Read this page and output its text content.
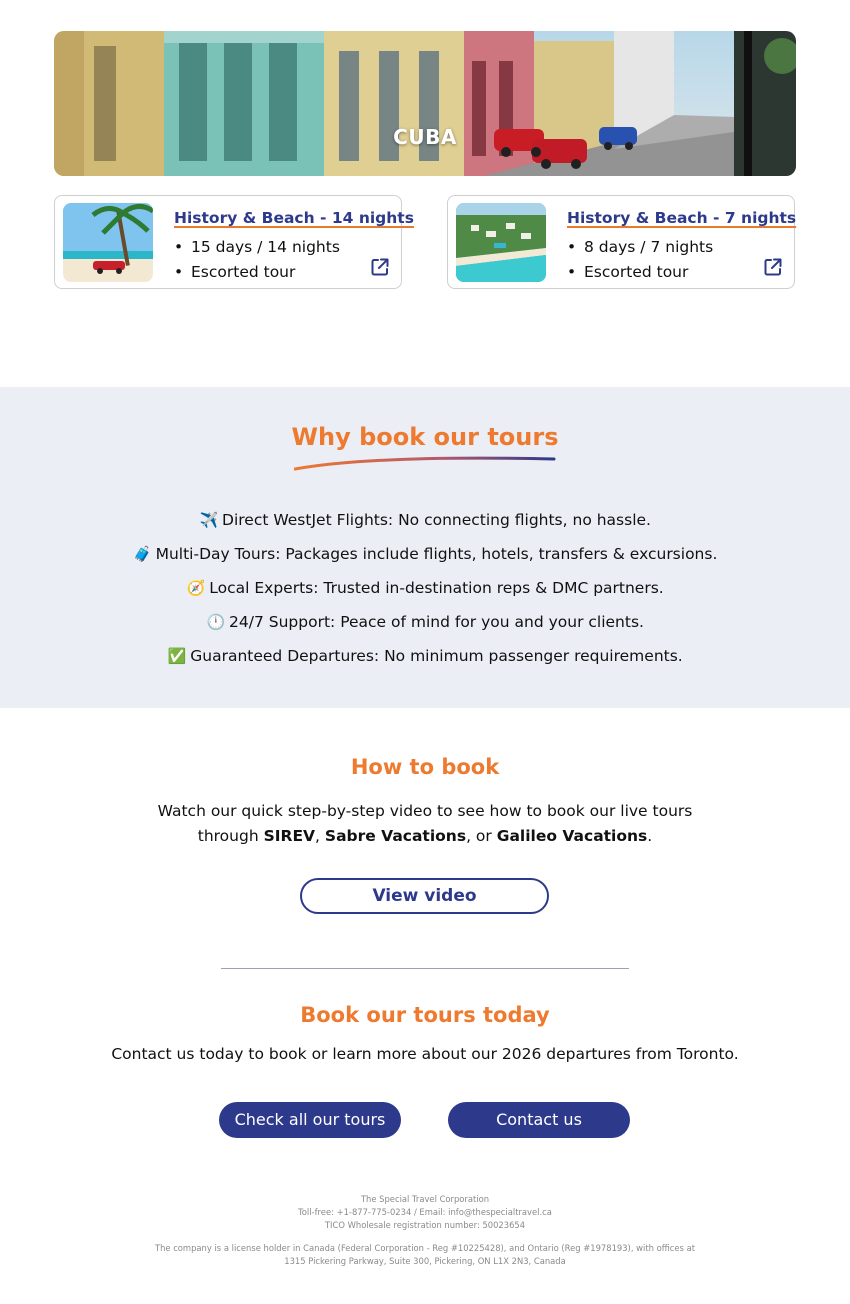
CUBA
History & Beach - 14 nights
• 15 days / 14 nights
• Escorted tour
History & Beach - 7 nights
• 8 days / 7 nights
• Escorted tour
Why book our tours
✈️ Direct WestJet Flights: No connecting flights, no hassle.
🧳 Multi-Day Tours: Packages include flights, hotels, transfers & excursions.
🧭 Local Experts: Trusted in-destination reps & DMC partners.
🕛 24/7 Support: Peace of mind for you and your clients.
✅ Guaranteed Departures: No minimum passenger requirements.
How to book
Watch our quick step-by-step video to see how to book our live tours
through SIREV, Sabre Vacations, or Galileo Vacations.
View video
Book our tours today
Contact us today to book or learn more about our 2026 departures from Toronto.
Check all our tours	Contact us
The Special Travel Corporation
Toll-free: +1-877-775-0234 / Email: info@thespecialtravel.ca
TICO Wholesale registration number: 50023654
The company is a license holder in Canada (Federal Corporation - Reg #10225428), and Ontario (Reg #1978193), with offices at
1315 Pickering Parkway, Suite 300, Pickering, ON L1X 2N3, Canada
